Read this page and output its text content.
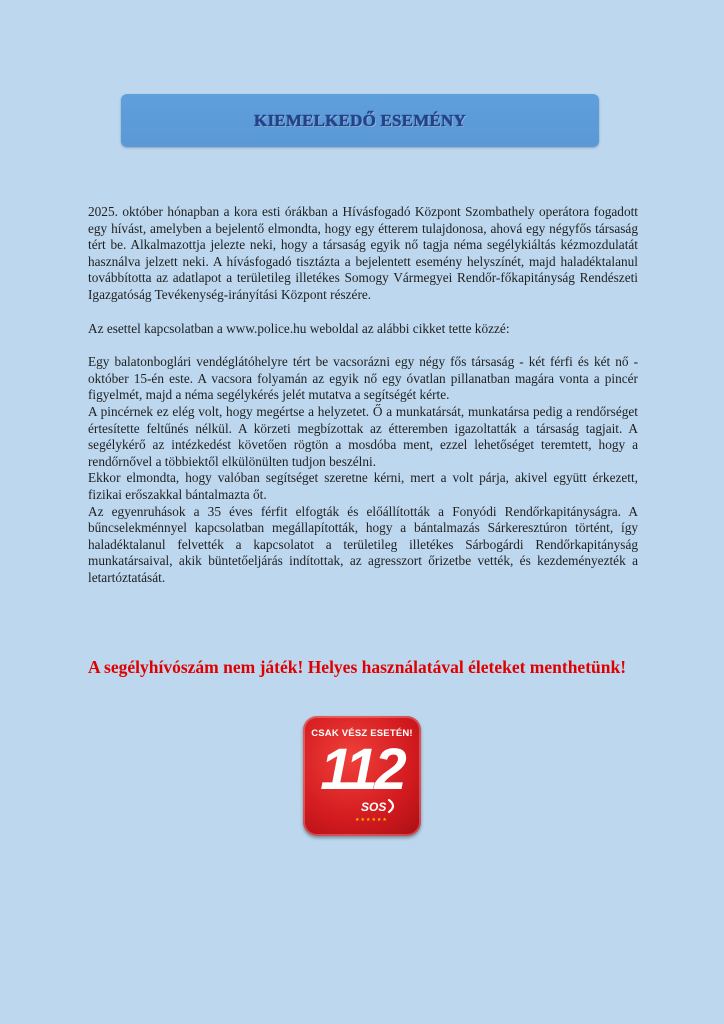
KIEMELKEDŐ ESEMÉNY

2025. október hónapban a kora esti órákban a Hívásfogadó Központ Szombathely operátora fogadott egy hívást, amelyben a bejelentő elmondta, hogy egy étterem tulajdonosa, ahová egy négyfős társaság tért be. Alkalmazottja jelezte neki, hogy a társaság egyik nő tagja néma segélykiáltás kézmozdulatát használva jelzett neki. A hívásfogadó tisztázta a bejelentett esemény helyszínét, majd haladéktalanul továbbította az adatlapot a területileg illetékes Somogy Vármegyei Rendőr-főkapitányság Rendészeti Igazgatóság Tevékenység-irányítási Központ részére.

Az esettel kapcsolatban a www.police.hu weboldal az alábbi cikket tette közzé:

Egy balatonboglári vendéglátóhelyre tért be vacsorázni egy négy fős társaság - két férfi és két nő - október 15-én este. A vacsora folyamán az egyik nő egy óvatlan pillanatban magára vonta a pincér figyelmét, majd a néma segélykérés jelét mutatva a segítségét kérte.

A pincérnek ez elég volt, hogy megértse a helyzetet. Ő a munkatársát, munkatársa pedig a rendőrséget értesítette feltűnés nélkül. A körzeti megbízottak az étteremben igazoltatták a társaság tagjait. A segélykérő az intézkedést követően rögtön a mosdóba ment, ezzel lehetőséget teremtett, hogy a rendőrnővel a többiektől elkülönülten tudjon beszélni.

Ekkor elmondta, hogy valóban segítséget szeretne kérni, mert a volt párja, akivel együtt érkezett, fizikai erőszakkal bántalmazta őt.

Az egyenruhások a 35 éves férfit elfogták és előállították a Fonyódi Rendőrkapitányságra. A bűncselekménnyel kapcsolatban megállapították, hogy a bántalmazás Sárkeresztúron történt, így haladéktalanul felvették a kapcsolatot a területileg illetékes Sárbogárdi Rendőrkapitányság munkatársaival, akik büntetőeljárás indítottak, az agresszort őrizetbe vették, és kezdeményezték a letartóztatását.

A segélyhívószám nem játék! Helyes használatával életeket menthetünk!

CSAK VÉSZ ESETÉN!
112
SOS
★★★★★★
